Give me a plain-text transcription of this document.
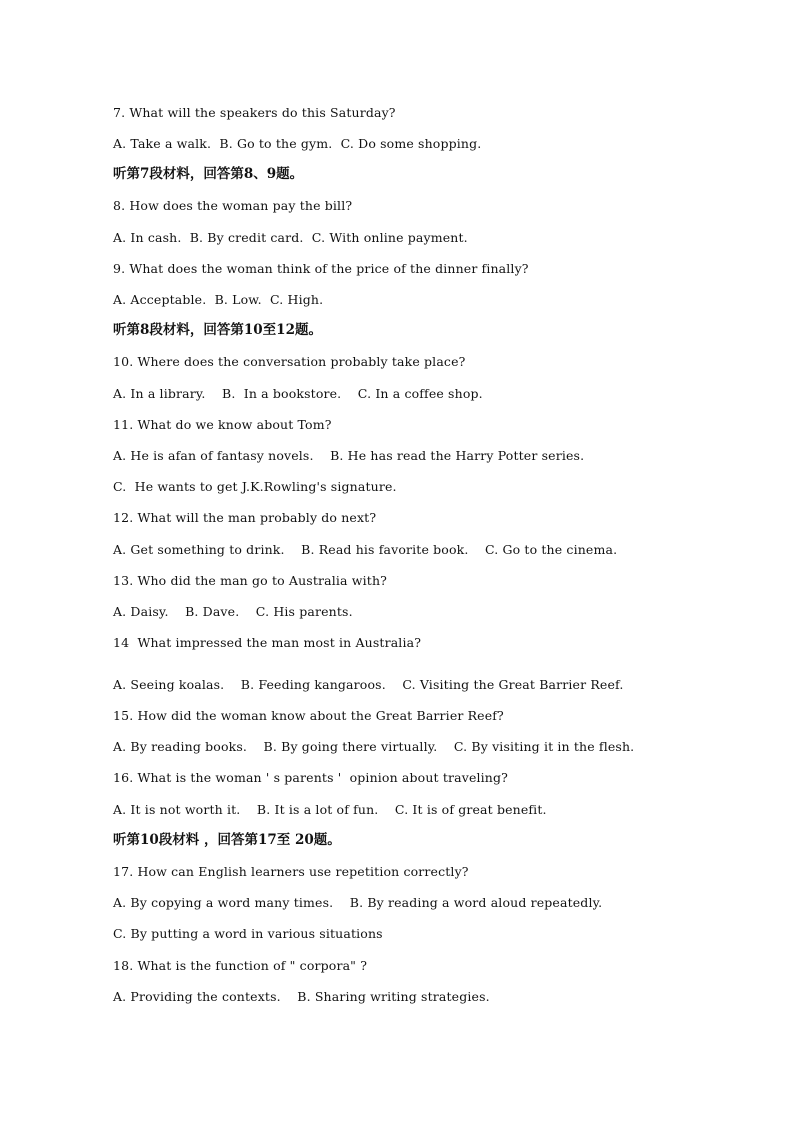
7. What will the speakers do this Saturday?
A. Take a walk.  B. Go to the gym.  C. Do some shopping.
听第7段材料，回答第8、9题。
8. How does the woman pay the bill?
A. In cash.  B. By credit card.  C. With online payment.
9. What does the woman think of the price of the dinner finally?
A. Acceptable.  B. Low.  C. High.
听第8段材料，回答第10至12题。
10. Where does the conversation probably take place?
A. In a library.    B.  In a bookstore.    C. In a coffee shop.
11. What do we know about Tom?
A. He is afan of fantasy novels.    B. He has read the Harry Potter series.
C.  He wants to get J.K.Rowling's signature.
12. What will the man probably do next?
A. Get something to drink.    B. Read his favorite book.    C. Go to the cinema.
13. Who did the man go to Australia with?
A. Daisy.    B. Dave.    C. His parents.
14  What impressed the man most in Australia?
A. Seeing koalas.    B. Feeding kangaroos.    C. Visiting the Great Barrier Reef.
15. How did the woman know about the Great Barrier Reef?
A. By reading books.    B. By going there virtually.    C. By visiting it in the flesh.
16. What is the woman ' s parents '  opinion about traveling?
A. It is not worth it.    B. It is a lot of fun.    C. It is of great benefit.
听第10段材料 ，回答第17至 20题。
17. How can English learners use repetition correctly?
A. By copying a word many times.    B. By reading a word aloud repeatedly.
C. By putting a word in various situations
18. What is the function of " corpora" ?
A. Providing the contexts.    B. Sharing writing strategies.
